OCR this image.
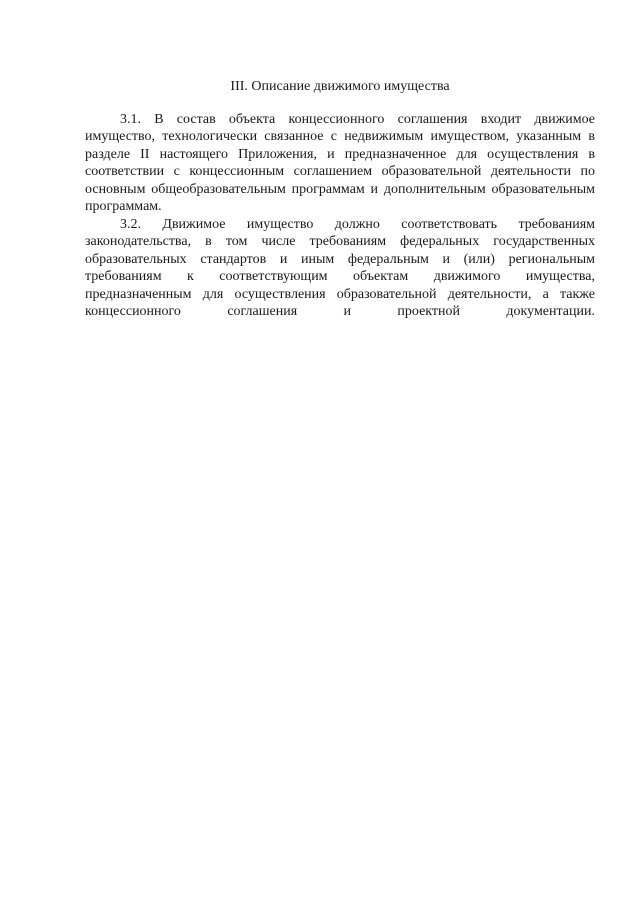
III. Описание движимого имущества

3.1. В состав объекта концессионного соглашения входит движимое имущество, технологически связанное с недвижимым имуществом, указанным в разделе II настоящего Приложения, и предназначенное для осуществления в соответствии с концессионным соглашением образовательной деятельности по основным общеобразовательным программам и дополнительным образовательным программам.

3.2. Движимое имущество должно соответствовать требованиям законодательства, в том числе требованиям федеральных государственных образовательных стандартов и иным федеральным и (или) региональным требованиям к соответствующим объектам движимого имущества, предназначенным для осуществления образовательной деятельности, а также концессионного соглашения и проектной документации.
